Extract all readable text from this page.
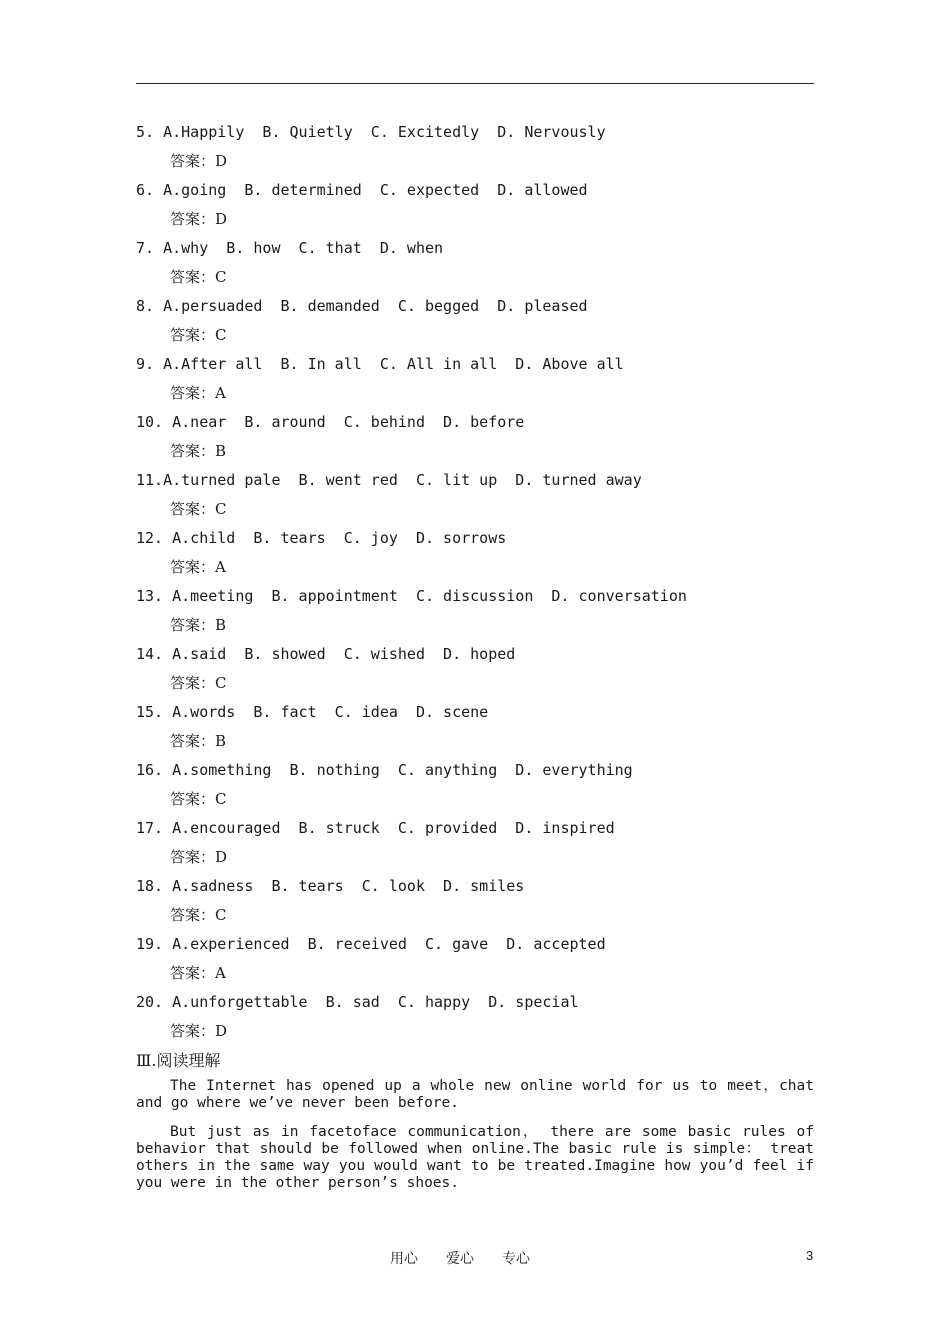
5. A.Happily  B. Quietly  C. Excitedly  D. Nervously
答案：D
6. A.going  B. determined  C. expected  D. allowed
答案：D
7. A.why  B. how  C. that  D. when
答案：C
8. A.persuaded  B. demanded  C. begged  D. pleased
答案：C
9. A.After all  B. In all  C. All in all  D. Above all
答案：A
10. A.near  B. around  C. behind  D. before
答案：B
11.A.turned pale  B. went red  C. lit up  D. turned away
答案：C
12. A.child  B. tears  C. joy  D. sorrows
答案：A
13. A.meeting  B. appointment  C. discussion  D. conversation
答案：B
14. A.said  B. showed  C. wished  D. hoped
答案：C
15. A.words  B. fact  C. idea  D. scene
答案：B
16. A.something  B. nothing  C. anything  D. everything
答案：C
17. A.encouraged  B. struck  C. provided  D. inspired
答案：D
18. A.sadness  B. tears  C. look  D. smiles
答案：C
19. A.experienced  B. received  C. gave  D. accepted
答案：A
20. A.unforgettable  B. sad  C. happy  D. special
答案：D
Ⅲ.阅读理解
The Internet has opened up a whole new online world for us to meet，chat and go where we’ve never been before.
But just as in facetoface communication， there are some basic rules of behavior that should be followed when online.The basic rule is simple： treat others in the same way you would want to be treated.Imagine how you’d feel if you were in the other person’s shoes.
用心 爱心 专心	3
